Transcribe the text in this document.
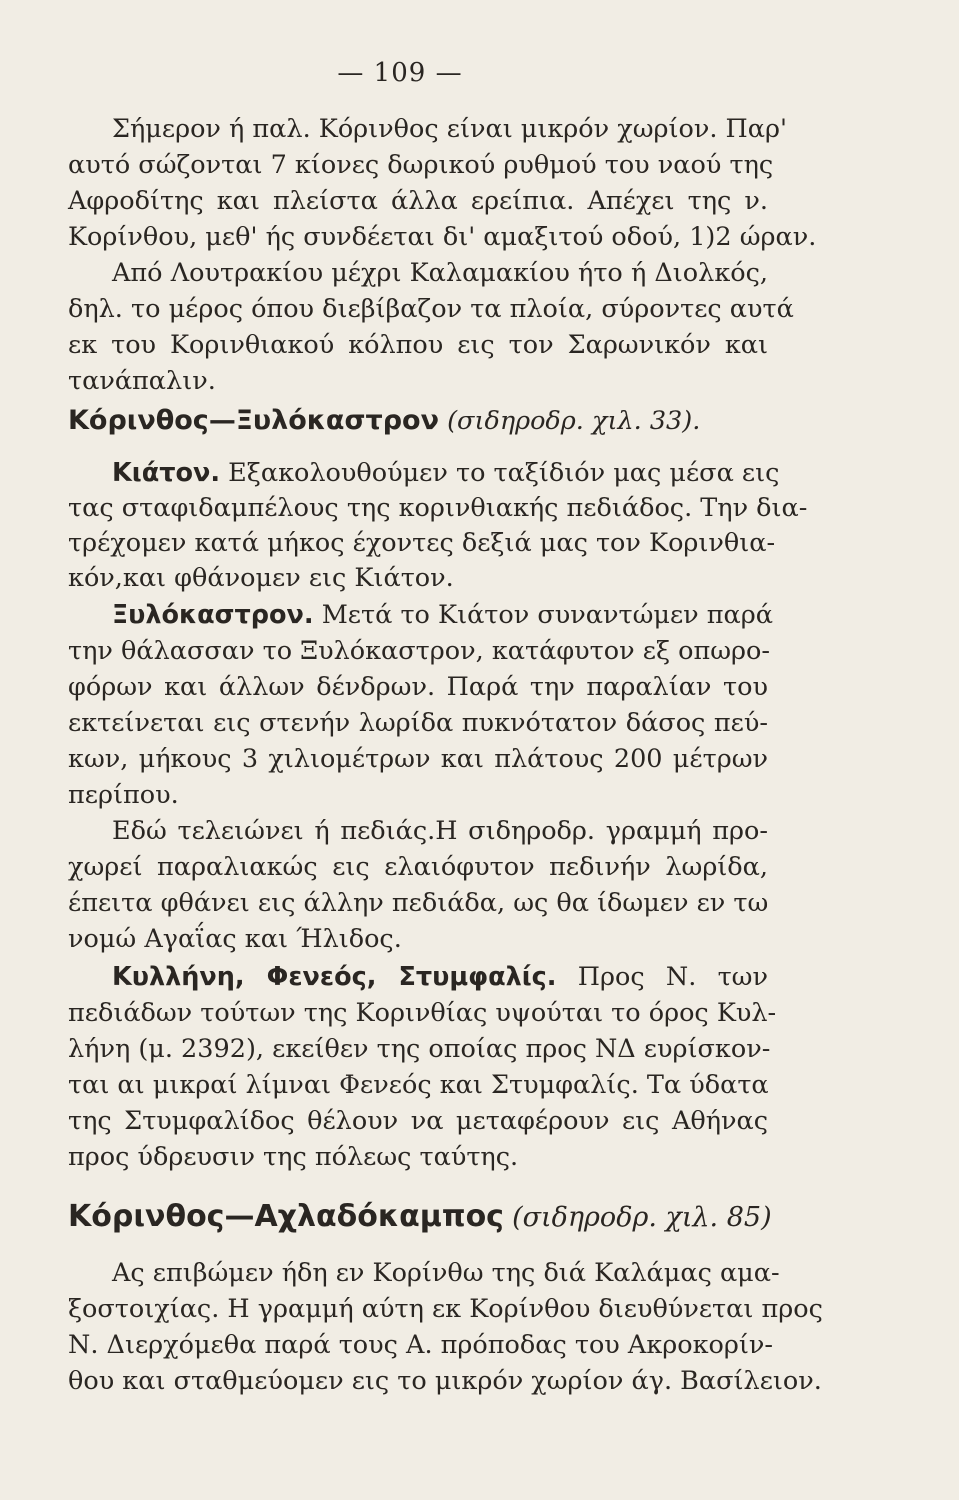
— 109 —
Σήμερον ή παλ. Κόρινθος είναι μικρόν χωρίον. Παρ'
αυτό σώζονται 7 κίονες δωρικού ρυθμού του ναού της
Αφροδίτης και πλείστα άλλα ερείπια. Απέχει της ν.
Κορίνθου, μεθ' ής συνδέεται δι' αμαξιτού οδού, 1)2 ώραν.
Από Λουτρακίου μέχρι Καλαμακίου ήτο ή Διολκός,
δηλ. το μέρος όπου διεβίβαζον τα πλοία, σύροντες αυτά
εκ του Κορινθιακού κόλπου εις τον Σαρωνικόν και
τανάπαλιν.
Κόρινθος—Ξυλόκαστρον (σιδηροδρ. χιλ. 33).
Κιάτον. Εξακολουθούμεν το ταξίδιόν μας μέσα εις
τας σταφιδαμπέλους της κορινθιακής πεδιάδος. Την δια-
τρέχομεν κατά μήκος έχοντες δεξιά μας τον Κορινθια-
κόν,και φθάνομεν εις Κιάτον.
Ξυλόκαστρον. Μετά το Κιάτον συναντώμεν παρά
την θάλασσαν το Ξυλόκαστρον, κατάφυτον εξ οπωρο-
φόρων και άλλων δένδρων. Παρά την παραλίαν του
εκτείνεται εις στενήν λωρίδα πυκνότατον δάσος πεύ-
κων, μήκους 3 χιλιομέτρων και πλάτους 200 μέτρων
περίπου.
Εδώ τελειώνει ή πεδιάς.Η σιδηροδρ. γραμμή προ-
χωρεί παραλιακώς εις ελαιόφυτον πεδινήν λωρίδα,
έπειτα φθάνει εις άλλην πεδιάδα, ως θα ίδωμεν εν τω
νομώ Αγαΐας και Ήλιδος.
Κυλλήνη, Φενεός, Στυμφαλίς. Προς Ν. των
πεδιάδων τούτων της Κορινθίας υψούται το όρος Κυλ-
λήνη (μ. 2392), εκείθεν της οποίας προς ΝΔ ευρίσκον-
ται αι μικραί λίμναι Φενεός και Στυμφαλίς. Τα ύδατα
της Στυμφαλίδος θέλουν να μεταφέρουν εις Αθήνας
προς ύδρευσιν της πόλεως ταύτης.
Κόρινθος—Αχλαδόκαμπος (σιδηροδρ. χιλ. 85)
Ας επιβώμεν ήδη εν Κορίνθω της διά Καλάμας αμα-
ξοστοιχίας. Η γραμμή αύτη εκ Κορίνθου διευθύνεται προς
Ν. Διερχόμεθα παρά τους Α. πρόποδας του Ακροκορίν-
θου και σταθμεύομεν εις το μικρόν χωρίον άγ. Βασίλειον.
